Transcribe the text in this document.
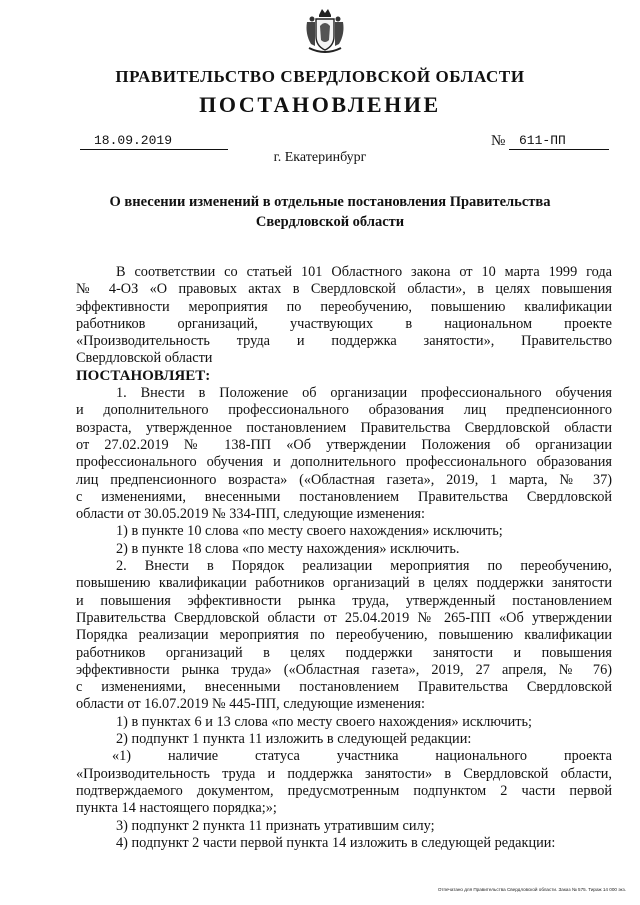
ПРАВИТЕЛЬСТВО СВЕРДЛОВСКОЙ ОБЛАСТИ
ПОСТАНОВЛЕНИЕ
18.09.2019	№	611-ПП
г. Екатеринбург
О внесении изменений в отдельные постановления Правительства
Свердловской области
В соответствии со статьей 101 Областного закона от 10 марта 1999 года
№ 4-ОЗ «О правовых актах в Свердловской области», в целях повышения
эффективности мероприятия по переобучению, повышению квалификации
работников организаций, участвующих в национальном проекте
«Производительность труда и поддержка занятости», Правительство
Свердловской области
ПОСТАНОВЛЯЕТ:
1. Внести в Положение об организации профессионального обучения
и дополнительного профессионального образования лиц предпенсионного
возраста, утвержденное постановлением Правительства Свердловской области
от 27.02.2019 № 138-ПП «Об утверждении Положения об организации
профессионального обучения и дополнительного профессионального образования
лиц предпенсионного возраста» («Областная газета», 2019, 1 марта, № 37)
с изменениями, внесенными постановлением Правительства Свердловской
области от 30.05.2019 № 334-ПП, следующие изменения:
1) в пункте 10 слова «по месту своего нахождения» исключить;
2) в пункте 18 слова «по месту нахождения» исключить.
2. Внести в Порядок реализации мероприятия по переобучению,
повышению квалификации работников организаций в целях поддержки занятости
и повышения эффективности рынка труда, утвержденный постановлением
Правительства Свердловской области от 25.04.2019 № 265-ПП «Об утверждении
Порядка реализации мероприятия по переобучению, повышению квалификации
работников организаций в целях поддержки занятости и повышения
эффективности рынка труда» («Областная газета», 2019, 27 апреля, № 76)
с изменениями, внесенными постановлением Правительства Свердловской
области от 16.07.2019 № 445-ПП, следующие изменения:
1) в пунктах 6 и 13 слова «по месту своего нахождения» исключить;
2) подпункт 1 пункта 11 изложить в следующей редакции:
«1) наличие статуса участника национального проекта
«Производительность труда и поддержка занятости» в Свердловской области,
подтверждаемого документом, предусмотренным подпунктом 2 части первой
пункта 14 настоящего порядка;»;
3) подпункт 2 пункта 11 признать утратившим силу;
4) подпункт 2 части первой пункта 14 изложить в следующей редакции:
Отпечатано для Правительства Свердловской области. Заказ № 575. Тираж 14 000 экз.
